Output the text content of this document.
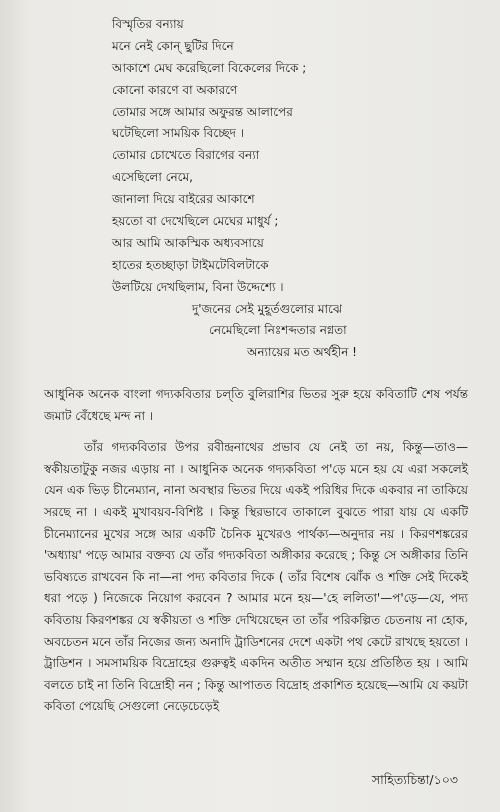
বিস্মৃতির বন্যায়
মনে নেই কোন্ ছুটির দিনে
আকাশে মেঘ করেছিলো বিকেলের দিকে ;
কোনো কারণে বা অকারণে
তোমার সঙ্গে আমার অফুরন্ত আলাপের
ঘটেছিলো সাময়িক বিচ্ছেদ ।
তোমার চোখেতে বিরাগের বন্যা
এসেছিলো নেমে,
জানালা দিয়ে বাইরের আকাশে
হয়তো বা দেখেছিলে মেঘের মাধুর্য ;
আর আমি আকস্মিক অধ্যবসায়ে
হাতের হতচ্ছাড়া টাইমটেবিলটাকে
উলটিয়ে দেখছিলাম, বিনা উদ্দেশ্যে ।
দু'জনের সেই মুহূর্তগুলোর মাঝে
নেমেছিলো নিঃশব্দতার নগ্নতা
অন্যায়ের মত অর্থহীন !

আধুনিক অনেক বাংলা গদ্যকবিতার চল্‌তি বুলিরাশির ভিতর সুরু হয়ে কবিতাটি শেষ পর্যন্ত জমাট বেঁধেছে মন্দ না ।

তাঁর গদ্যকবিতার উপর রবীন্দ্রনাথের প্রভাব যে নেই তা নয়, কিন্তু—তাও—স্বকীয়তাটুকু নজর এড়ায় না । আধুনিক অনেক গদ্যকবিতা প'ড়ে মনে হয় যে এরা সকলেই যেন এক ভিড় চীনেম্যান, নানা অবস্থার ভিতর দিয়ে একই পরিধির দিকে একবার না তাকিয়ে সরছে না । একই মুখাবয়ব-বিশিষ্ট । কিন্তু স্থিরভাবে তাকালে বুঝতে পারা যায় যে একটি চীনেম্যানের মুখের সঙ্গে আর একটি চৈনিক মুখেরও পার্থক্য—অনুদার নয় । কিরণশঙ্করের 'অধ্যায়' পড়ে আমার বক্তব্য যে তাঁর গদ্যকবিতা অঙ্গীকার করেছে ; কিন্তু সে অঙ্গীকার তিনি ভবিষ্যতে রাখবেন কি না—না পদ্য কবিতার দিকে ( তাঁর বিশেষ ঝোঁক ও শক্তি সেই দিকেই ধরা পড়ে ) নিজেকে নিয়োগ করবেন ? আমার মনে হয়—'হে ললিতা'—প'ড়ে—যে, পদ্য কবিতায় কিরণশঙ্কর যে স্বকীয়তা ও শক্তি দেখিয়েছেন তা তাঁর পরিকল্পিত চেতনায় না হোক, অবচেতন মনে তাঁর নিজের জন্য অনাদি ট্রাডিশনের দেশে একটা পথ কেটে রাখছে হয়তো । ট্রাডিশন । সমসাময়িক বিদ্রোহের গুরুত্বই একদিন অতীত সম্মান হয়ে প্রতিষ্ঠিত হয় । আমি বলতে চাই না তিনি বিদ্রোহী নন ; কিন্তু আপাতত বিদ্রোহ প্রকাশিত হয়েছে—আমি যে কয়টা কবিতা পেয়েছি সেগুলো নেড়েচেড়েই

সাহিত্যচিন্তা/১০৩
